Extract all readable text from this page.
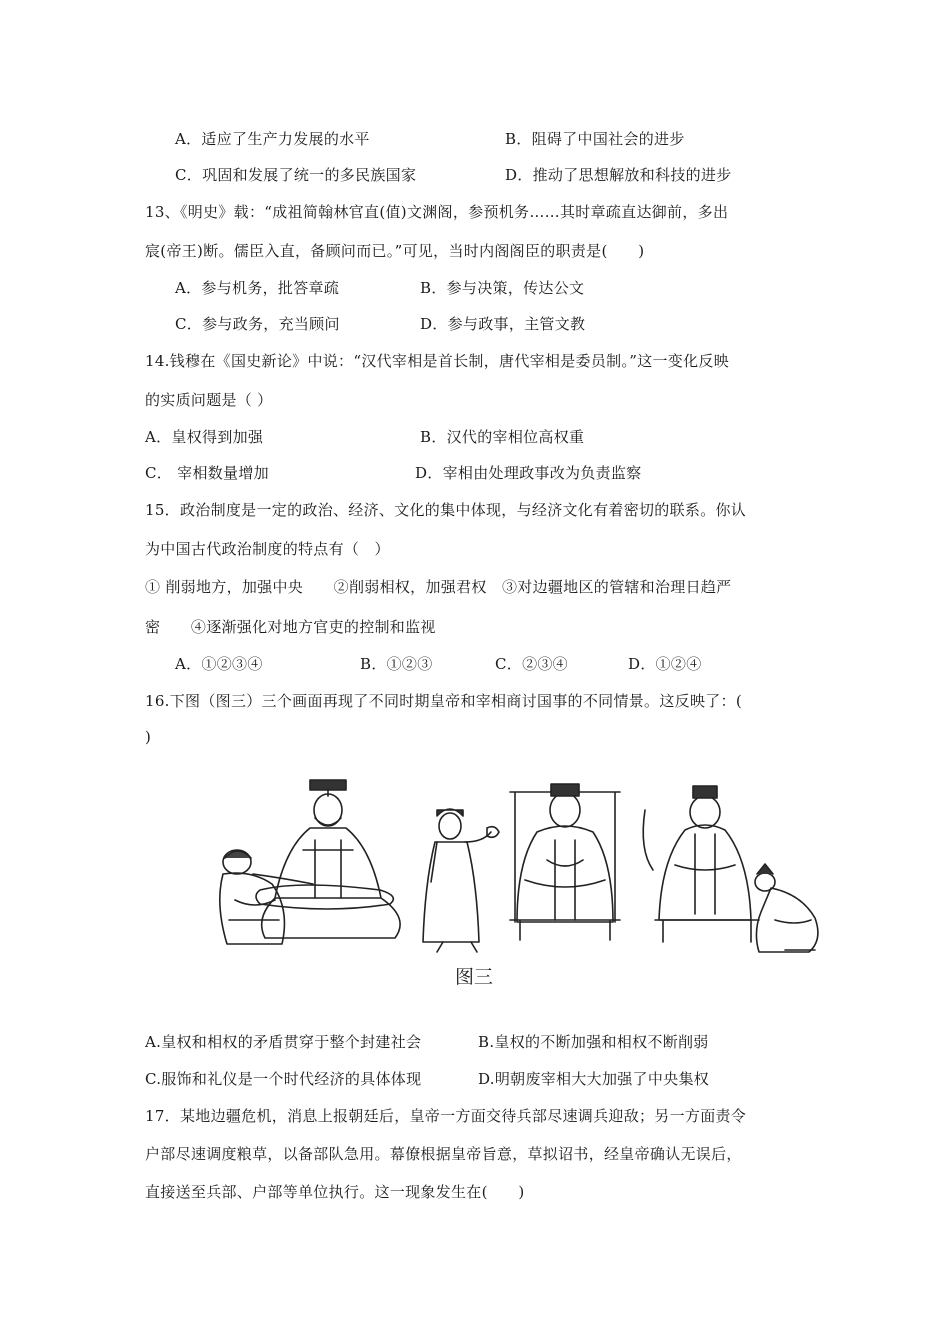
A．适应了生产力发展的水平	B．阻碍了中国社会的进步
C．巩固和发展了统一的多民族国家	D．推动了思想解放和科技的进步
13、《明史》载：“成祖简翰林官直(值)文渊阁，参预机务……其时章疏直达御前，多出
宸(帝王)断。儒臣入直，备顾问而已。”可见，当时内阁阁臣的职责是(　　)
A．参与机务，批答章疏	B．参与决策，传达公文
C．参与政务，充当顾问	D．参与政事，主管文教
14.钱穆在《国史新论》中说：“汉代宰相是首长制，唐代宰相是委员制。”这一变化反映
的实质问题是（ ）
A．皇权得到加强	B．汉代的宰相位高权重
C． 宰相数量增加	D．宰相由处理政事改为负责监察
15．政治制度是一定的政治、经济、文化的集中体现，与经济文化有着密切的联系。你认
为中国古代政治制度的特点有（　）
① 削弱地方，加强中央　　②削弱相权，加强君权　③对边疆地区的管辖和治理日趋严
密　　④逐渐强化对地方官吏的控制和监视
A．①②③④	B．①②③	C．②③④	D．①②④
16.下图（图三）三个画面再现了不同时期皇帝和宰相商讨国事的不同情景。这反映了：(
)
图三
A.皇权和相权的矛盾贯穿于整个封建社会	B.皇权的不断加强和相权不断削弱
C.服饰和礼仪是一个时代经济的具体体现	D.明朝废宰相大大加强了中央集权
17．某地边疆危机，消息上报朝廷后，皇帝一方面交待兵部尽速调兵迎敌；另一方面责令
户部尽速调度粮草，以备部队急用。幕僚根据皇帝旨意，草拟诏书，经皇帝确认无误后，
直接送至兵部、户部等单位执行。这一现象发生在(　　)
